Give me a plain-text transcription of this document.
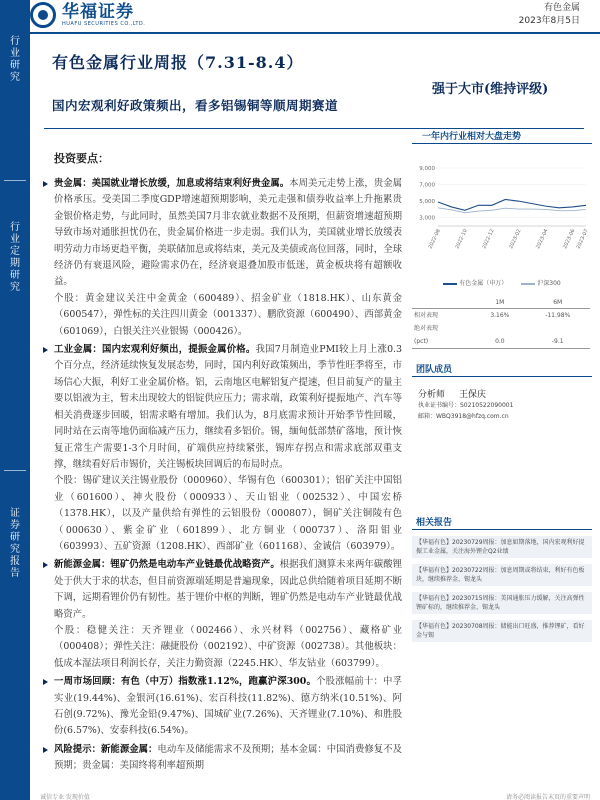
行
业
研
究
行
业
定
期
研
究
证
券
研
究
报
告
华福证券
HUAFU SECURITIES CO.,LTD.
有色金属
2023年8月5日
有色金属行业周报（7.31-8.4）
强于大市(维持评级)
国内宏观利好政策频出，看多铝锡铜等顺周期赛道
投资要点：
贵金属：美国就业增长放缓，加息或将结束利好贵金属。本周美元走势上涨，贵金属价格承压。受美国二季度GDP增速超预期影响，美元走强和债券收益率上升拖累贵金银价格走势，与此同时，虽然美国7月非农就业数据不及预期，但薪资增速超预期导致市场对通胀担忧仍在，贵金属价格进一步走弱。我们认为，美国就业增长放缓表明劳动力市场更趋平衡，美联储加息或将结束，美元及美债或高位回落，同时，全球经济仍有衰退风险，避险需求仍在，经济衰退叠加股市低迷，黄金板块将有超额收益。
个股：黄金建议关注中金黄金（600489）、招金矿业（1818.HK）、山东黄金（600547），弹性标的关注四川黄金（001337）、鹏欣资源（600490）、西部黄金（601069），白银关注兴业银锡（000426）。
工业金属：国内宏观利好频出，提振金属价格。我国7月制造业PMI较上月上涨0.3个百分点，经济延续恢复发展态势，同时，国内利好政策频出，季节性旺季将至，市场信心大振，利好工业金属价格。铝，云南地区电解铝复产提速，但目前复产的量主要以铝液为主，暂未出现较大的铝锭供应压力；需求端，政策利好提振地产、汽车等相关消费逐步回暖，铝需求略有增加。我们认为，8月底需求预计开始季节性回暖，同时站在云南等地仍面临减产压力，继续看多铝价。锡，缅甸低部禁矿落地，预计恢复正常生产需要1-3个月时间，矿端供应持续紧张，锡库存拐点和需求底部双重支撑，继续看好后市锡价，关注锡板块回调后的布局时点。
个股：锡矿建议关注锡业股份（000960）、华锡有色（600301）；铝矿关注中国铝业（601600）、神火股份（000933）、天山铝业（002532）、中国宏桥（1378.HK），以及产量供给有弹性的云铝股份（000807），铜矿关注铜陵有色（000630）、紫金矿业（601899）、北方铜业（000737）、洛阳钼业（603993）、五矿资源（1208.HK）、西部矿业（601168）、金诚信（603979）。
新能源金属：锂矿仍然是电动车产业链最优战略资产。根据我们测算未来两年碳酸锂处于供大于求的状态，但目前资源端延期是普遍现象，因此总供给随着项目延期不断下调，远期看锂价仍有韧性。基于锂价中枢的判断，锂矿仍然是电动车产业链最优战略资产。
个股：稳健关注：天齐锂业（002466）、永兴材料（002756）、藏格矿业（000408）；弹性关注：融捷股份（002192）、中矿资源（002738）。其他板块：低成本湿法项目利润长存，关注力勤资源（2245.HK）、华友钴业（603799）。
一周市场回顾：有色（中万）指数涨1.12%，跑赢沪深300。个股涨幅前十：中孚实业(19.44%)、金银河(16.61%)、宏百科技(11.82%)、德方纳米(10.51%)、阿石创(9.72%)、豫光金铅(9.47%)、国城矿业(7.26%)、天齐锂业(7.10%)、和胜股份(6.57%)、安泰科技(6.54%)。
风险提示：新能源金属：电动车及储能需求不及预期；基本金属：中国消费修复不及预期；贵金属：美国终将利率超预期
一年内行业相对大盘走势
9,000
7,000
5,000
3,000
2022-08	2022-10	2022-12	2023-02	2023-04	2023-06 2023-07
有色金属（申万）	沪深300
	1M	6M
相对表现	3.16%	-11.98%
绝对表现		
(pct)	0.0	-9.1
团队成员
分析师 王保庆
执业证书编号：S0210522090001
邮箱：WBQ3918@hfzq.com.cn
相关报告
【华福有色】20230729周报：加息如期落地，国内宏观利好提振工业金属，关注海外锂企Q2业绩
【华福有色】20230722周报：加息周期或将结束，利好有色板块，继续推荐金、锡龙头
【华福有色】20230715周报：美国通胀压力缓解，关注高弹性锂矿标的，继续推荐金、锡龙头
【华福有色】20230708周报：储能出口旺盛，推荐锂矿，看好金与锡
诚信专业 发现价值	请务必阅读报告末页的重要声明
